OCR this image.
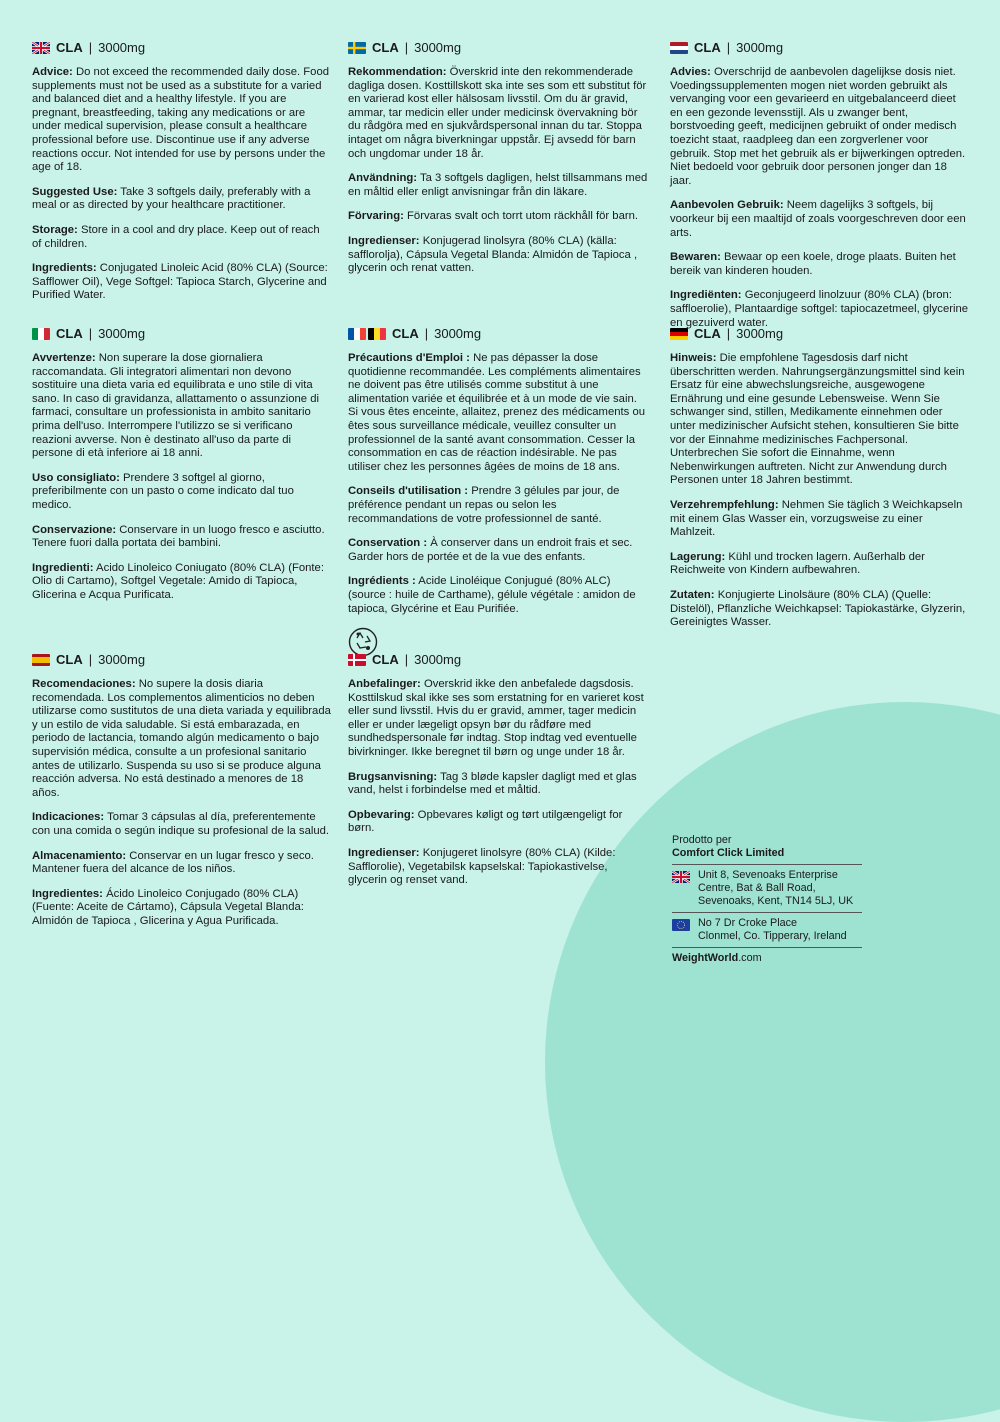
CLA | 3000mg
Advice: Do not exceed the recommended daily dose. Food supplements must not be used as a substitute for a varied and balanced diet and a healthy lifestyle. If you are pregnant, breastfeeding, taking any medications or are under medical supervision, please consult a healthcare professional before use. Discontinue use if any adverse reactions occur. Not intended for use by persons under the age of 18.
Suggested Use: Take 3 softgels daily, preferably with a meal or as directed by your healthcare practitioner.
Storage: Store in a cool and dry place. Keep out of reach of children.
Ingredients: Conjugated Linoleic Acid (80% CLA) (Source: Safflower Oil), Vege Softgel: Tapioca Starch, Glycerine and Purified Water.
CLA | 3000mg
Rekommendation: Överskrid inte den rekommenderade dagliga dosen. Kosttillskott ska inte ses som ett substitut för en varierad kost eller hälsosam livsstil. Om du är gravid, ammar, tar medicin eller under medicinsk övervakning bör du rådgöra med en sjukvårdspersonal innan du tar. Stoppa intaget om några biverkningar uppstår. Ej avsedd för barn och ungdomar under 18 år.
Användning: Ta 3 softgels dagligen, helst tillsammans med en måltid eller enligt anvisningar från din läkare.
Förvaring: Förvaras svalt och torrt utom räckhåll för barn.
Ingredienser: Konjugerad linolsyra (80% CLA) (källa: safflorolja), Cápsula Vegetal Blanda: Almidón de Tapioca , glycerin och renat vatten.
CLA | 3000mg
Advies: Overschrijd de aanbevolen dagelijkse dosis niet. Voedingssupplementen mogen niet worden gebruikt als vervanging voor een gevarieerd en uitgebalanceerd dieet en een gezonde levensstijl. Als u zwanger bent, borstvoeding geeft, medicijnen gebruikt of onder medisch toezicht staat, raadpleeg dan een zorgverlener voor gebruik. Stop met het gebruik als er bijwerkingen optreden. Niet bedoeld voor gebruik door personen jonger dan 18 jaar.
Aanbevolen Gebruik: Neem dagelijks 3 softgels, bij voorkeur bij een maaltijd of zoals voorgeschreven door een arts.
Bewaren: Bewaar op een koele, droge plaats. Buiten het bereik van kinderen houden.
Ingrediënten: Geconjugeerd linolzuur (80% CLA) (bron: saffloerolie), Plantaardige softgel: tapiocazetmeel, glycerine en gezuiverd water.
CLA | 3000mg
Avvertenze: Non superare la dose giornaliera raccomandata. Gli integratori alimentari non devono sostituire una dieta varia ed equilibrata e uno stile di vita sano. In caso di gravidanza, allattamento o assunzione di farmaci, consultare un professionista in ambito sanitario prima dell'uso. Interrompere l'utilizzo se si verificano reazioni avverse. Non è destinato all'uso da parte di persone di età inferiore ai 18 anni.
Uso consigliato: Prendere 3 softgel al giorno, preferibilmente con un pasto o come indicato dal tuo medico.
Conservazione: Conservare in un luogo fresco e asciutto. Tenere fuori dalla portata dei bambini.
Ingredienti: Acido Linoleico Coniugato (80% CLA) (Fonte: Olio di Cartamo), Softgel Vegetale: Amido di Tapioca, Glicerina e Acqua Purificata.
CLA | 3000mg
Précautions d'Emploi : Ne pas dépasser la dose quotidienne recommandée. Les compléments alimentaires ne doivent pas être utilisés comme substitut à une alimentation variée et équilibrée et à un mode de vie sain. Si vous êtes enceinte, allaitez, prenez des médicaments ou êtes sous surveillance médicale, veuillez consulter un professionnel de la santé avant consommation. Cesser la consommation en cas de réaction indésirable. Ne pas utiliser chez les personnes âgées de moins de 18 ans.
Conseils d'utilisation : Prendre 3 gélules par jour, de préférence pendant un repas ou selon les recommandations de votre professionnel de santé.
Conservation : À conserver dans un endroit frais et sec. Garder hors de portée et de la vue des enfants.
Ingrédients : Acide Linoléique Conjugué (80% ALC) (source : huile de Carthame), gélule végétale : amidon de tapioca, Glycérine et Eau Purifiée.
CLA | 3000mg
Hinweis: Die empfohlene Tagesdosis darf nicht überschritten werden. Nahrungsergänzungsmittel sind kein Ersatz für eine abwechslungsreiche, ausgewogene Ernährung und eine gesunde Lebensweise. Wenn Sie schwanger sind, stillen, Medikamente einnehmen oder unter medizinischer Aufsicht stehen, konsultieren Sie bitte vor der Einnahme medizinisches Fachpersonal. Unterbrechen Sie sofort die Einnahme, wenn Nebenwirkungen auftreten. Nicht zur Anwendung durch Personen unter 18 Jahren bestimmt.
Verzehrempfehlung: Nehmen Sie täglich 3 Weichkapseln mit einem Glas Wasser ein, vorzugsweise zu einer Mahlzeit.
Lagerung: Kühl und trocken lagern. Außerhalb der Reichweite von Kindern aufbewahren.
Zutaten: Konjugierte Linolsäure (80% CLA) (Quelle: Distelöl), Pflanzliche Weichkapsel: Tapiokastärke, Glyzerin, Gereinigtes Wasser.
CLA | 3000mg
Recomendaciones: No supere la dosis diaria recomendada. Los complementos alimenticios no deben utilizarse como sustitutos de una dieta variada y equilibrada y un estilo de vida saludable. Si está embarazada, en periodo de lactancia, tomando algún medicamento o bajo supervisión médica, consulte a un profesional sanitario antes de utilizarlo. Suspenda su uso si se produce alguna reacción adversa. No está destinado a menores de 18 años.
Indicaciones: Tomar 3 cápsulas al día, preferentemente con una comida o según indique su profesional de la salud.
Almacenamiento: Conservar en un lugar fresco y seco. Mantener fuera del alcance de los niños.
Ingredientes: Ácido Linoleico Conjugado (80% CLA) (Fuente: Aceite de Cártamo), Cápsula Vegetal Blanda: Almidón de Tapioca , Glicerina y Agua Purificada.
CLA | 3000mg
Anbefalinger: Overskrid ikke den anbefalede dagsdosis. Kosttilskud skal ikke ses som erstatning for en varieret kost eller sund livsstil. Hvis du er gravid, ammer, tager medicin eller er under lægeligt opsyn bør du rådføre med sundhedspersonale før indtag. Stop indtag ved eventuelle bivirkninger. Ikke beregnet til børn og unge under 18 år.
Brugsanvisning: Tag 3 bløde kapsler dagligt med et glas vand, helst i forbindelse med et måltid.
Opbevaring: Opbevares køligt og tørt utilgængeligt for børn.
Ingredienser: Konjugeret linolsyre (80% CLA) (Kilde: Safflorolie), Vegetabilsk kapselskal: Tapiokastivelse, glycerin og renset vand.
Prodotto per
Comfort Click Limited
Unit 8, Sevenoaks Enterprise
Centre, Bat & Ball Road,
Sevenoaks, Kent, TN14 5LJ, UK
No 7 Dr Croke Place
Clonmel, Co. Tipperary, Ireland
WeightWorld.com
